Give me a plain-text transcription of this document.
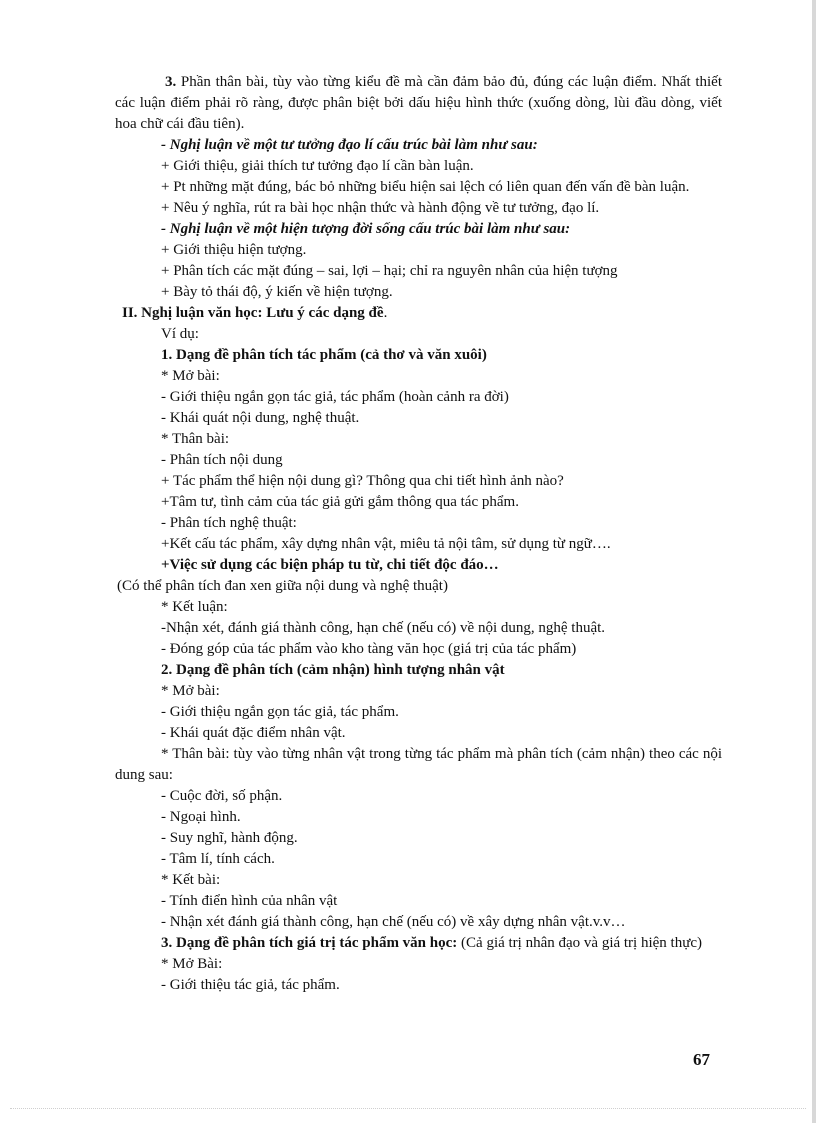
3. Phần thân bài, tùy vào từng kiểu đề mà cần đảm bảo đủ, đúng các luận điểm. Nhất thiết các luận điểm phải rõ ràng, được phân biệt bởi dấu hiệu hình thức (xuống dòng, lùi đầu dòng, viết hoa chữ cái đầu tiên).
- Nghị luận về một tư tưởng đạo lí cấu trúc bài làm như sau:
+ Giới thiệu, giải thích tư tưởng đạo lí cần bàn luận.
+ Pt những mặt đúng, bác bỏ những biểu hiện sai lệch có liên quan đến vấn đề bàn luận.
+ Nêu ý nghĩa, rút ra bài học nhận thức và hành động về tư tưởng, đạo lí.
- Nghị luận về một hiện tượng đời sống cấu trúc bài làm như sau:
+ Giới thiệu hiện tượng.
+ Phân tích các mặt đúng – sai, lợi – hại; chỉ ra nguyên nhân của hiện tượng
+ Bày tỏ thái độ, ý kiến về hiện tượng.
II. Nghị luận văn học: Lưu ý các dạng đề.
Ví dụ:
1. Dạng đề phân tích tác phẩm (cả thơ và văn xuôi)
* Mở bài:
- Giới thiệu ngắn gọn tác giả, tác phẩm (hoàn cảnh ra đời)
- Khái quát nội dung, nghệ thuật.
* Thân bài:
- Phân tích nội dung
+ Tác phẩm thể hiện nội dung gì? Thông qua chi tiết hình ảnh nào?
+Tâm tư, tình cảm của tác giả gửi gắm thông qua tác phẩm.
- Phân tích nghệ thuật:
+Kết cấu tác phẩm, xây dựng nhân vật, miêu tả nội tâm, sử dụng từ ngữ….
+Việc sử dụng các biện pháp tu từ, chi tiết độc đáo…
(Có thể phân tích đan xen giữa nội dung và nghệ thuật)
* Kết luận:
-Nhận xét, đánh giá thành công, hạn chế (nếu có) về nội dung, nghệ thuật.
- Đóng góp của tác phẩm vào kho tàng văn học (giá trị của tác phẩm)
2. Dạng đề phân tích (cảm nhận) hình tượng nhân vật
* Mở bài:
- Giới thiệu ngắn gọn tác giả, tác phẩm.
- Khái quát đặc điểm nhân vật.
* Thân bài: tùy vào từng nhân vật trong từng tác phẩm mà phân tích (cảm nhận) theo các nội dung sau:
- Cuộc đời, số phận.
- Ngoại hình.
- Suy nghĩ, hành động.
- Tâm lí, tính cách.
* Kết bài:
- Tính điển hình của nhân vật
- Nhận xét đánh giá thành công, hạn chế (nếu có) về xây dựng nhân vật.v.v…
3. Dạng đề phân tích giá trị tác phẩm văn học: (Cả giá trị nhân đạo và giá trị hiện thực)
* Mở Bài:
- Giới thiệu tác giả, tác phẩm.
67
